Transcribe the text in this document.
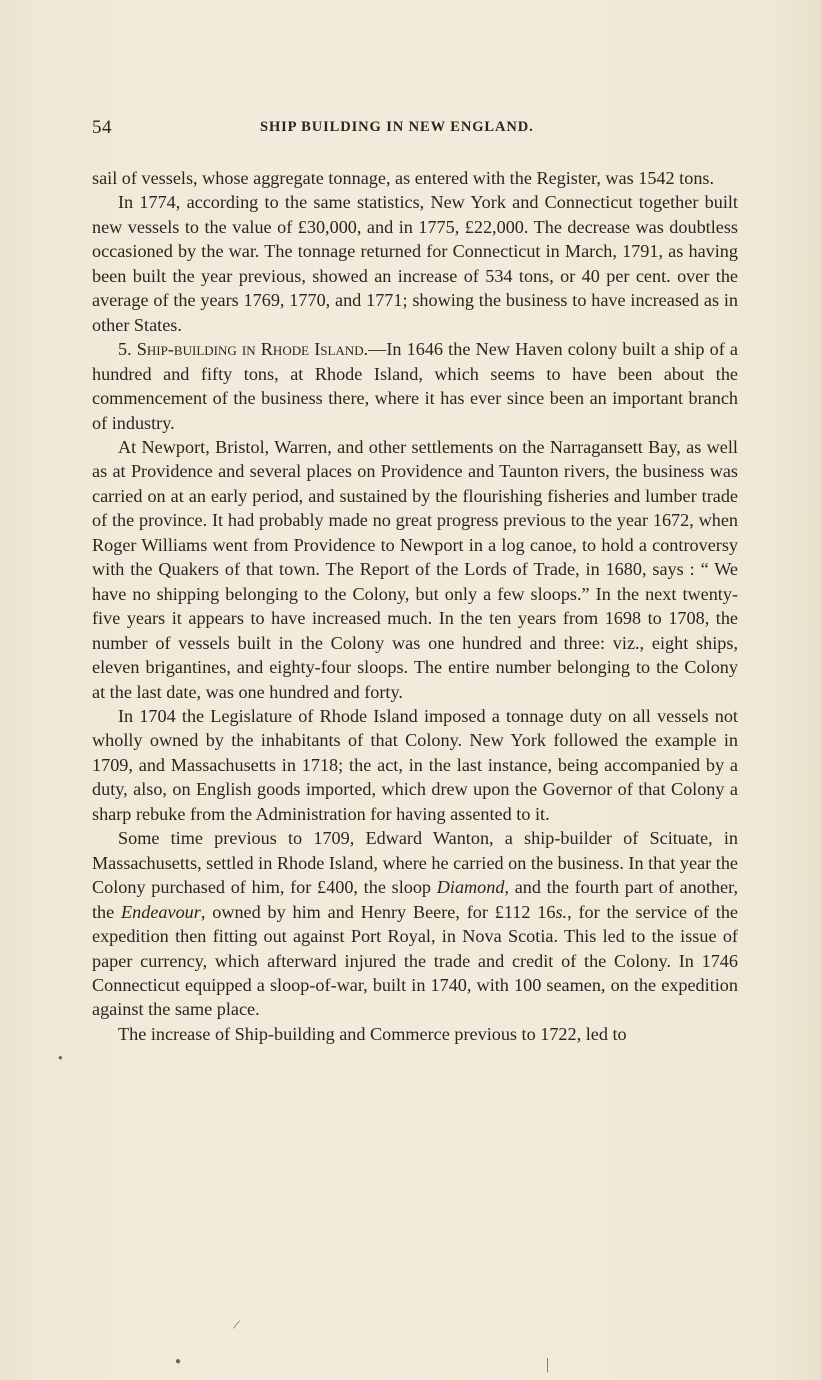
54	SHIP BUILDING IN NEW ENGLAND.

sail of vessels, whose aggregate tonnage, as entered with the Register, was 1542 tons.

In 1774, according to the same statistics, New York and Connecticut together built new vessels to the value of £30,000, and in 1775, £22,000. The decrease was doubtless occasioned by the war. The tonnage returned for Connecticut in March, 1791, as having been built the year previous, showed an increase of 534 tons, or 40 per cent. over the average of the years 1769, 1770, and 1771; showing the business to have increased as in other States.

5. Ship-building in Rhode Island.—In 1646 the New Haven colony built a ship of a hundred and fifty tons, at Rhode Island, which seems to have been about the commencement of the business there, where it has ever since been an important branch of industry.

At Newport, Bristol, Warren, and other settlements on the Narragansett Bay, as well as at Providence and several places on Providence and Taunton rivers, the business was carried on at an early period, and sustained by the flourishing fisheries and lumber trade of the province. It had probably made no great progress previous to the year 1672, when Roger Williams went from Providence to Newport in a log canoe, to hold a controversy with the Quakers of that town. The Report of the Lords of Trade, in 1680, says : “ We have no shipping belonging to the Colony, but only a few sloops.” In the next twenty-five years it appears to have increased much. In the ten years from 1698 to 1708, the number of vessels built in the Colony was one hundred and three: viz., eight ships, eleven brigantines, and eighty-four sloops. The entire number belonging to the Colony at the last date, was one hundred and forty.

In 1704 the Legislature of Rhode Island imposed a tonnage duty on all vessels not wholly owned by the inhabitants of that Colony. New York followed the example in 1709, and Massachusetts in 1718; the act, in the last instance, being accompanied by a duty, also, on English goods imported, which drew upon the Governor of that Colony a sharp rebuke from the Administration for having assented to it.

Some time previous to 1709, Edward Wanton, a ship-builder of Scituate, in Massachusetts, settled in Rhode Island, where he carried on the business. In that year the Colony purchased of him, for £400, the sloop Diamond, and the fourth part of another, the Endeavour, owned by him and Henry Beere, for £112 16s., for the service of the expedition then fitting out against Port Royal, in Nova Scotia. This led to the issue of paper currency, which afterward injured the trade and credit of the Colony. In 1746 Connecticut equipped a sloop-of-war, built in 1740, with 100 seamen, on the expedition against the same place.

The increase of Ship-building and Commerce previous to 1722, led to

/
●	|
●
